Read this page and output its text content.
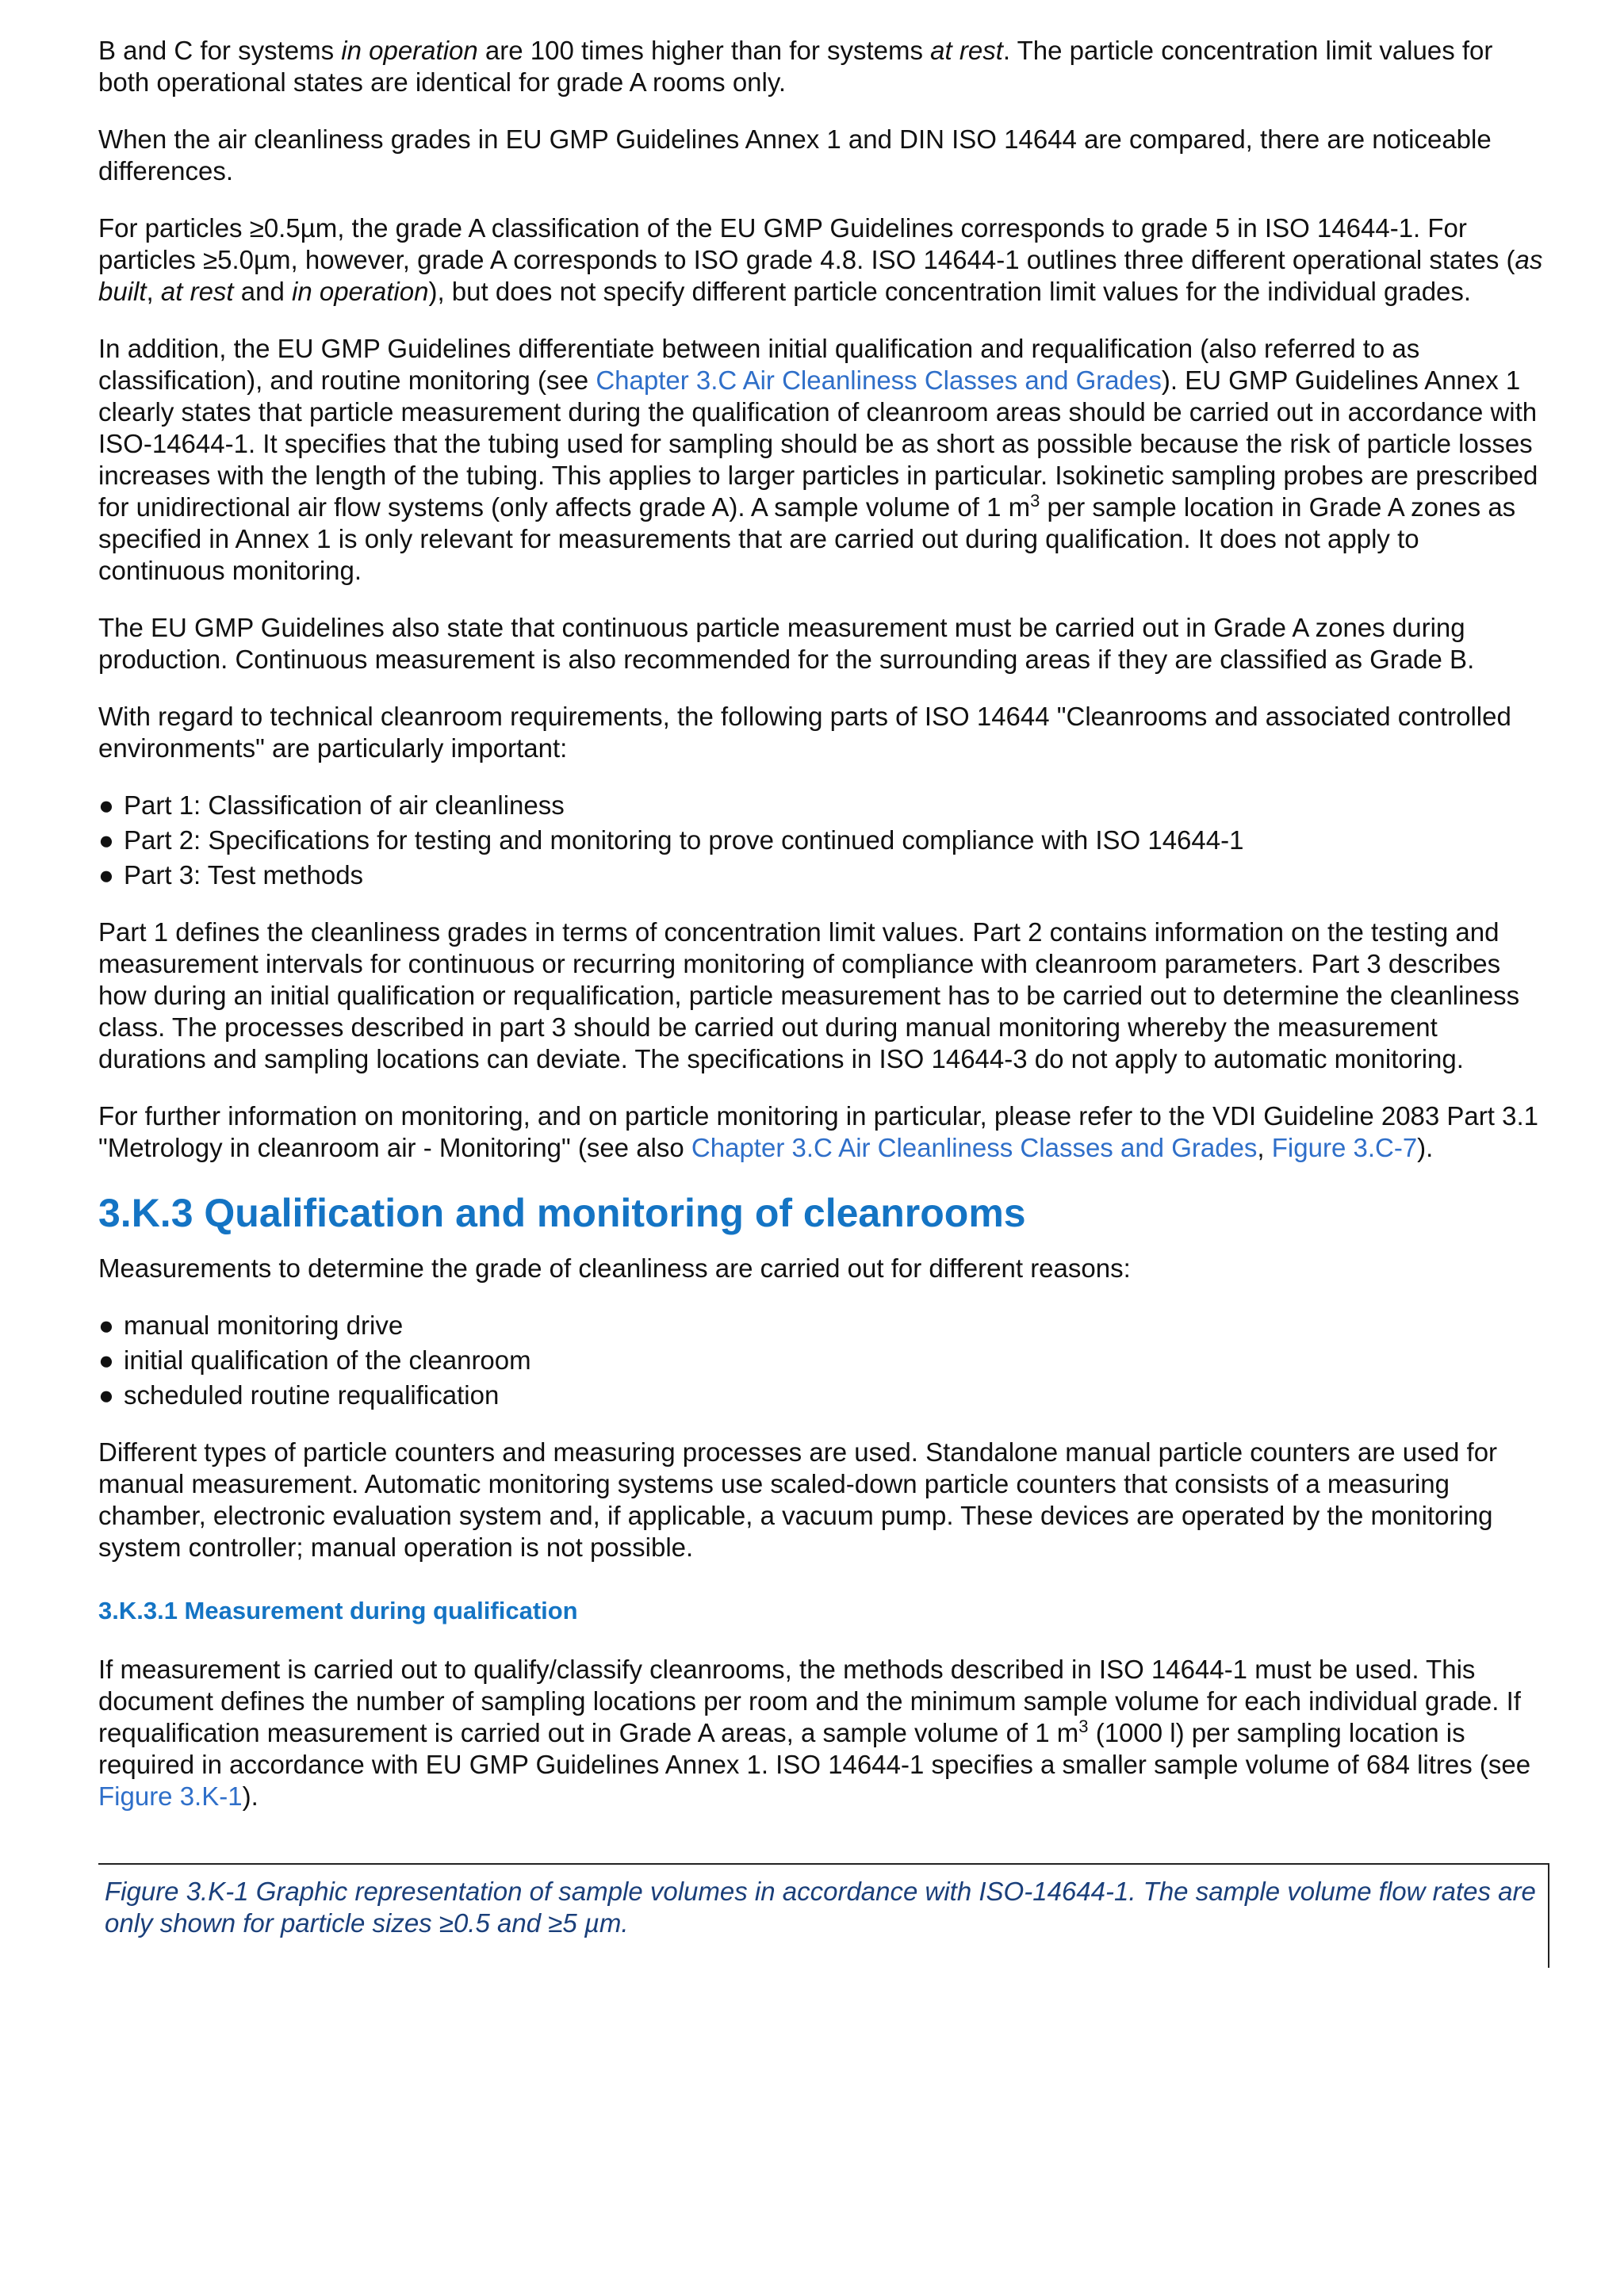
B and C for systems in operation are 100 times higher than for systems at rest. The particle concentration limit values for both operational states are identical for grade A rooms only.

When the air cleanliness grades in EU GMP Guidelines Annex 1 and DIN ISO 14644 are compared, there are noticeable differences.

For particles ≥0.5µm, the grade A classification of the EU GMP Guidelines corresponds to grade 5 in ISO 14644-1. For particles ≥5.0µm, however, grade A corresponds to ISO grade 4.8. ISO 14644-1 outlines three different operational states (as built, at rest and in operation), but does not specify different particle concentration limit values for the individual grades.

In addition, the EU GMP Guidelines differentiate between initial qualification and requalification (also referred to as classification), and routine monitoring (see Chapter 3.C Air Cleanliness Classes and Grades). EU GMP Guidelines Annex 1 clearly states that particle measurement during the qualification of cleanroom areas should be carried out in accordance with ISO-14644-1. It specifies that the tubing used for sampling should be as short as possible because the risk of particle losses increases with the length of the tubing. This applies to larger particles in particular. Isokinetic sampling probes are prescribed for unidirectional air flow systems (only affects grade A). A sample volume of 1 $m^3$ per sample location in Grade A zones as specified in Annex 1 is only relevant for measurements that are carried out during qualification. It does not apply to continuous monitoring.

The EU GMP Guidelines also state that continuous particle measurement must be carried out in Grade A zones during production. Continuous measurement is also recommended for the surrounding areas if they are classified as Grade B.

With regard to technical cleanroom requirements, the following parts of ISO 14644 "Cleanrooms and associated controlled environments" are particularly important:

● Part 1: Classification of air cleanliness
● Part 2: Specifications for testing and monitoring to prove continued compliance with ISO 14644-1
● Part 3: Test methods

Part 1 defines the cleanliness grades in terms of concentration limit values. Part 2 contains information on the testing and measurement intervals for continuous or recurring monitoring of compliance with cleanroom parameters. Part 3 describes how during an initial qualification or requalification, particle measurement has to be carried out to determine the cleanliness class. The processes described in part 3 should be carried out during manual monitoring whereby the measurement durations and sampling locations can deviate. The specifications in ISO 14644-3 do not apply to automatic monitoring.

For further information on monitoring, and on particle monitoring in particular, please refer to the VDI Guideline 2083 Part 3.1 "Metrology in cleanroom air - Monitoring" (see also Chapter 3.C Air Cleanliness Classes and Grades, Figure 3.C-7).

3.K.3 Qualification and monitoring of cleanrooms

Measurements to determine the grade of cleanliness are carried out for different reasons:

● manual monitoring drive
● initial qualification of the cleanroom
● scheduled routine requalification

Different types of particle counters and measuring processes are used. Standalone manual particle counters are used for manual measurement. Automatic monitoring systems use scaled-down particle counters that consists of a measuring chamber, electronic evaluation system and, if applicable, a vacuum pump. These devices are operated by the monitoring system controller; manual operation is not possible.

3.K.3.1 Measurement during qualification

If measurement is carried out to qualify/classify cleanrooms, the methods described in ISO 14644-1 must be used. This document defines the number of sampling locations per room and the minimum sample volume for each individual grade. If requalification measurement is carried out in Grade A areas, a sample volume of 1 $m^3$ (1000 l) per sampling location is required in accordance with EU GMP Guidelines Annex 1. ISO 14644-1 specifies a smaller sample volume of 684 litres (see Figure 3.K-1).

Figure 3.K-1 Graphic representation of sample volumes in accordance with ISO-14644-1. The sample volume flow rates are only shown for particle sizes ≥0.5 and ≥5 µm.
